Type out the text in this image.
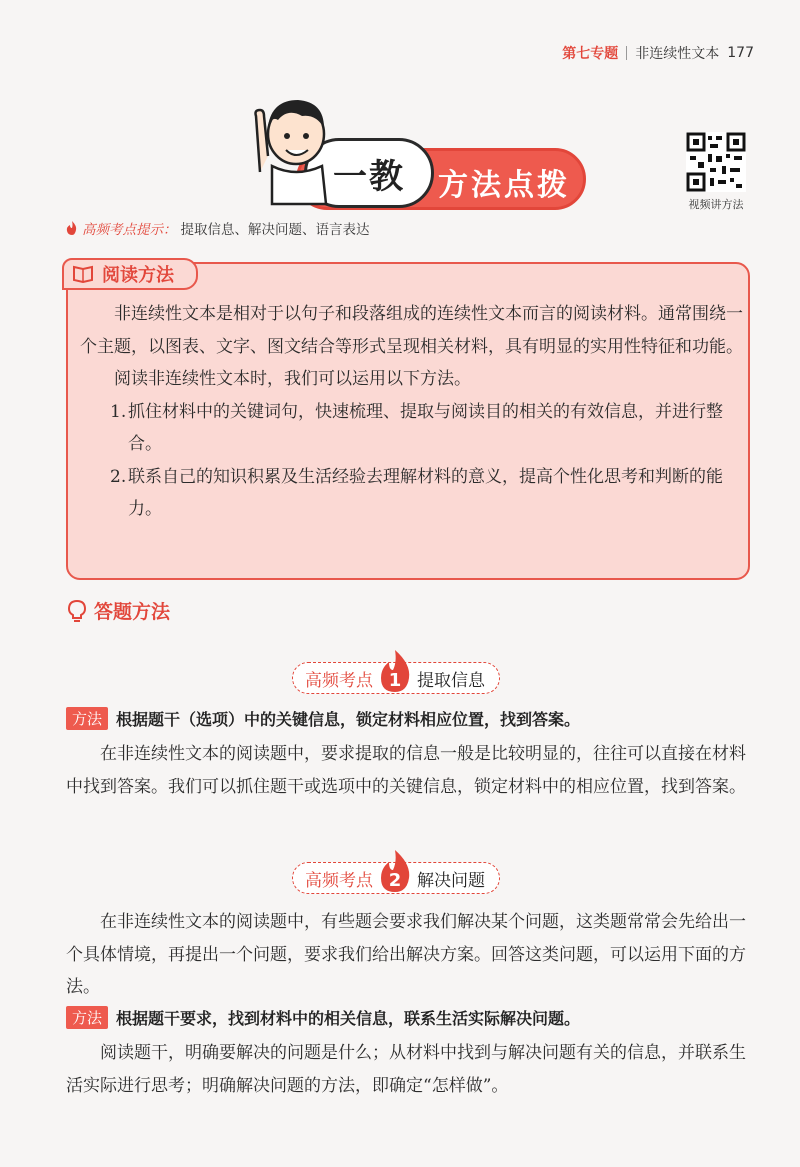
第七专题 非连续性文本 177
一教 方法点拨
视频讲方法
高频考点提示： 提取信息、解决问题、语言表达
阅读方法

非连续性文本是相对于以句子和段落组成的连续性文本而言的阅读材料。通常围绕一个主题，以图表、文字、图文结合等形式呈现相关材料，具有明显的实用性特征和功能。

阅读非连续性文本时，我们可以运用以下方法。

1. 抓住材料中的关键词句，快速梳理、提取与阅读目的相关的有效信息，并进行整合。
2. 联系自己的知识积累及生活经验去理解材料的意义，提高个性化思考和判断的能力。
答题方法
高频考点 1 提取信息
方法 根据题干（选项）中的关键信息，锁定材料相应位置，找到答案。

在非连续性文本的阅读题中，要求提取的信息一般是比较明显的，往往可以直接在材料中找到答案。我们可以抓住题干或选项中的关键信息，锁定材料中的相应位置，找到答案。

高频考点 2 解决问题

在非连续性文本的阅读题中，有些题会要求我们解决某个问题，这类题常常会先给出一个具体情境，再提出一个问题，要求我们给出解决方案。回答这类问题，可以运用下面的方法。

方法 根据题干要求，找到材料中的相关信息，联系生活实际解决问题。

阅读题干，明确要解决的问题是什么；从材料中找到与解决问题有关的信息，并联系生活实际进行思考；明确解决问题的方法，即确定“怎样做”。
